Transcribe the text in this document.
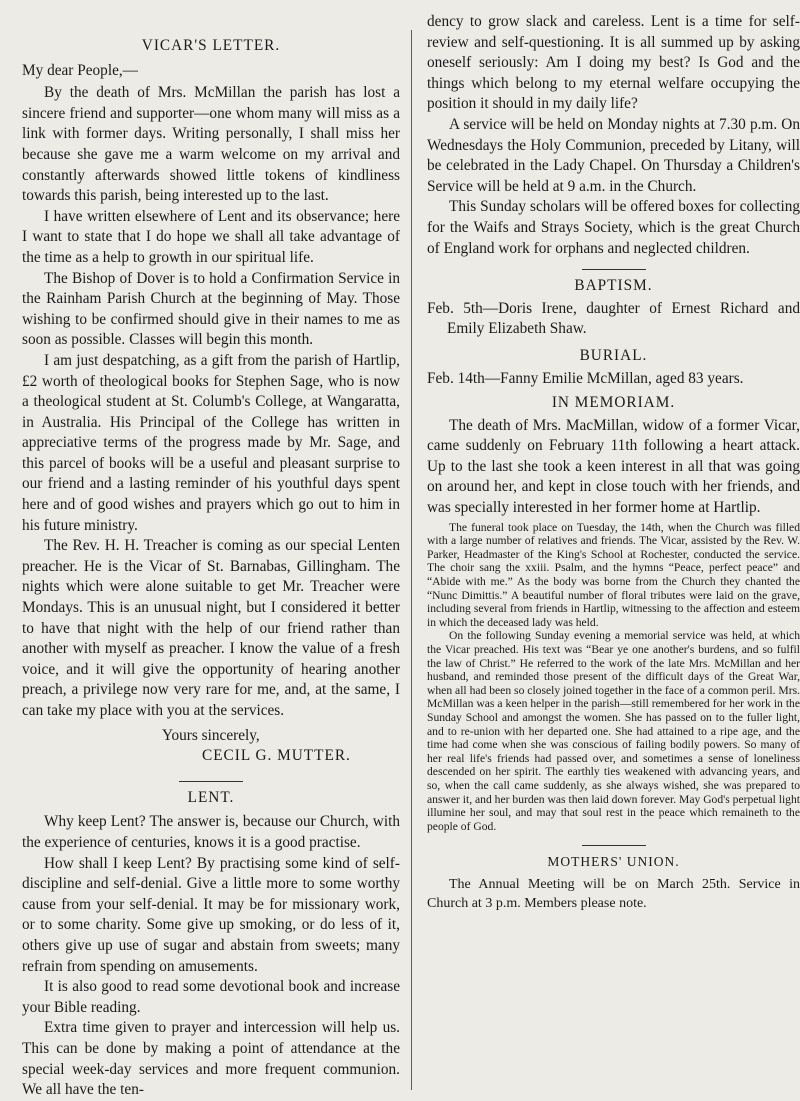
VICAR'S LETTER.

My dear People,—

By the death of Mrs. McMillan the parish has lost a sincere friend and supporter—one whom many will miss as a link with former days. Writing personally, I shall miss her because she gave me a warm welcome on my arrival and constantly afterwards showed little tokens of kindliness towards this parish, being interested up to the last.

I have written elsewhere of Lent and its observance; here I want to state that I do hope we shall all take advantage of the time as a help to growth in our spiritual life.

The Bishop of Dover is to hold a Confirmation Service in the Rainham Parish Church at the beginning of May. Those wishing to be confirmed should give in their names to me as soon as possible. Classes will begin this month.

I am just despatching, as a gift from the parish of Hartlip, £2 worth of theological books for Stephen Sage, who is now a theological student at St. Columb's College, at Wangaratta, in Australia. His Principal of the College has written in appreciative terms of the progress made by Mr. Sage, and this parcel of books will be a useful and pleasant surprise to our friend and a lasting reminder of his youthful days spent here and of good wishes and prayers which go out to him in his future ministry.

The Rev. H. H. Treacher is coming as our special Lenten preacher. He is the Vicar of St. Barnabas, Gillingham. The nights which were alone suitable to get Mr. Treacher were Mondays. This is an unusual night, but I considered it better to have that night with the help of our friend rather than another with myself as preacher. I know the value of a fresh voice, and it will give the opportunity of hearing another preach, a privilege now very rare for me, and, at the same, I can take my place with you at the services.

Yours sincerely,

CECIL G. MUTTER.

LENT.

Why keep Lent? The answer is, because our Church, with the experience of centuries, knows it is a good practise.

How shall I keep Lent? By practising some kind of self-discipline and self-denial. Give a little more to some worthy cause from your self-denial. It may be for missionary work, or to some charity. Some give up smoking, or do less of it, others give up use of sugar and abstain from sweets; many refrain from spending on amusements.

It is also good to read some devotional book and increase your Bible reading.

Extra time given to prayer and intercession will help us. This can be done by making a point of attendance at the special week-day services and more frequent communion. We all have the ten-

dency to grow slack and careless. Lent is a time for self-review and self-questioning. It is all summed up by asking oneself seriously: Am I doing my best? Is God and the things which belong to my eternal welfare occupying the position it should in my daily life?

A service will be held on Monday nights at 7.30 p.m. On Wednesdays the Holy Communion, preceded by Litany, will be celebrated in the Lady Chapel. On Thursday a Children's Service will be held at 9 a.m. in the Church.

This Sunday scholars will be offered boxes for collecting for the Waifs and Strays Society, which is the great Church of England work for orphans and neglected children.

BAPTISM.

Feb. 5th—Doris Irene, daughter of Ernest Richard and Emily Elizabeth Shaw.

BURIAL.

Feb. 14th—Fanny Emilie McMillan, aged 83 years.

IN MEMORIAM.

The death of Mrs. MacMillan, widow of a former Vicar, came suddenly on February 11th following a heart attack. Up to the last she took a keen interest in all that was going on around her, and kept in close touch with her friends, and was specially interested in her former home at Hartlip.

The funeral took place on Tuesday, the 14th, when the Church was filled with a large number of relatives and friends. The Vicar, assisted by the Rev. W. Parker, Headmaster of the King's School at Rochester, conducted the service. The choir sang the xxiii. Psalm, and the hymns “Peace, perfect peace” and “Abide with me.” As the body was borne from the Church they chanted the “Nunc Dimittis.” A beautiful number of floral tributes were laid on the grave, including several from friends in Hartlip, witnessing to the affection and esteem in which the deceased lady was held.

On the following Sunday evening a memorial service was held, at which the Vicar preached. His text was “Bear ye one another's burdens, and so fulfil the law of Christ.” He referred to the work of the late Mrs. McMillan and her husband, and reminded those present of the difficult days of the Great War, when all had been so closely joined together in the face of a common peril. Mrs. McMillan was a keen helper in the parish—still remembered for her work in the Sunday School and amongst the women. She has passed on to the fuller light, and to re-union with her departed one. She had attained to a ripe age, and the time had come when she was conscious of failing bodily powers. So many of her real life's friends had passed over, and sometimes a sense of loneliness descended on her spirit. The earthly ties weakened with advancing years, and so, when the call came suddenly, as she always wished, she was prepared to answer it, and her burden was then laid down forever. May God's perpetual light illumine her soul, and may that soul rest in the peace which remaineth to the people of God.

MOTHERS' UNION.

The Annual Meeting will be on March 25th. Service in Church at 3 p.m. Members please note.
